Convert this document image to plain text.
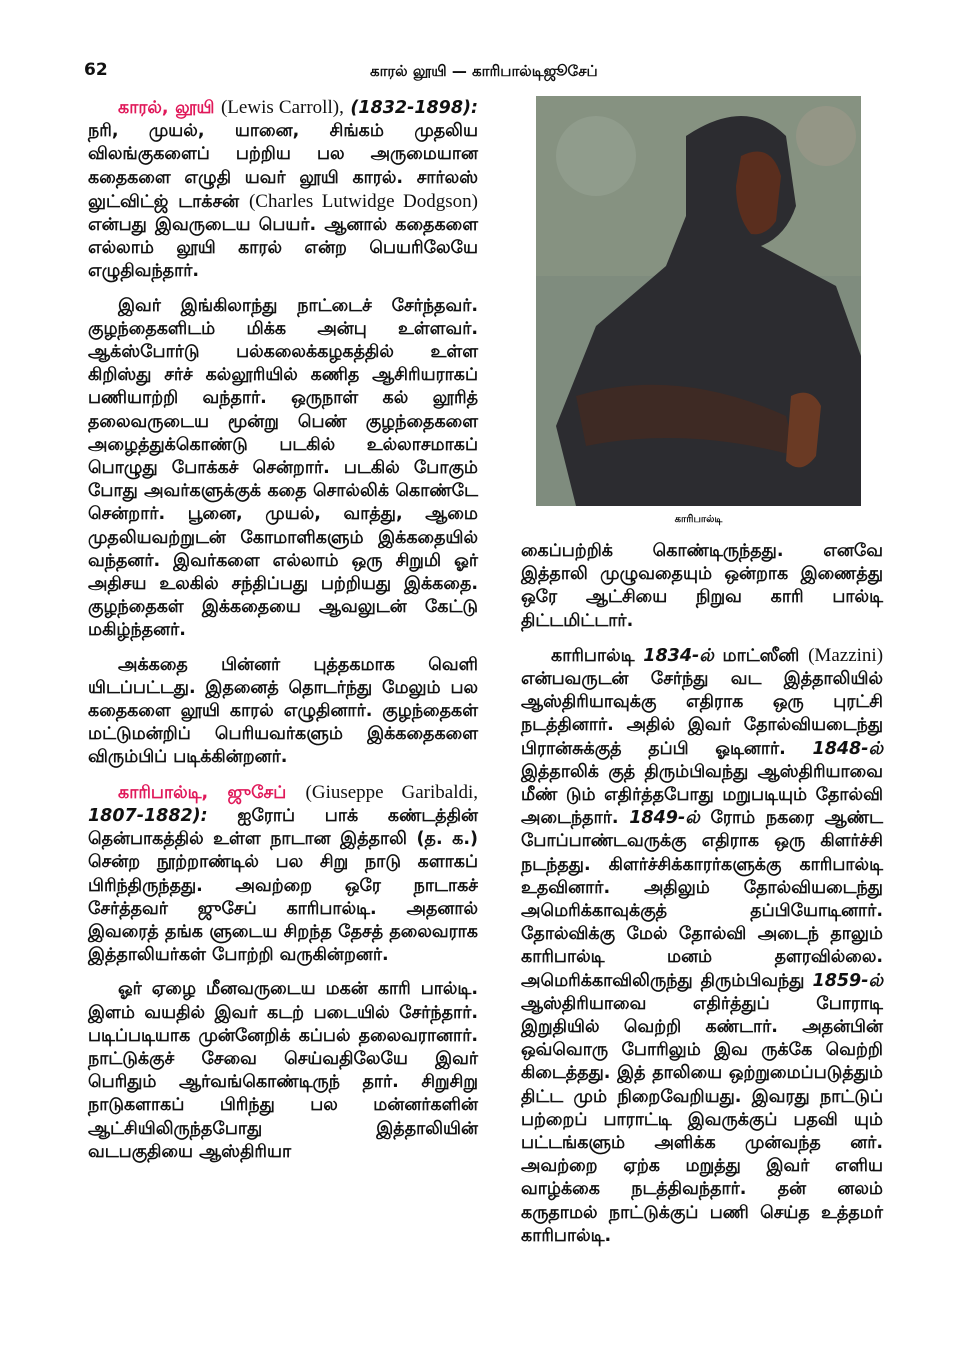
62	காரல் லூயி — காரிபால்டிஜூசேப்

காரல், லூயி (Lewis Carroll), (1832-1898): நரி, முயல், யானை, சிங்கம் முதலிய விலங்குகளைப் பற்றிய பல அருமையான கதைகளை எழுதி யவர் லூயி காரல். சார்லஸ் லுட்விட்ஜ் டாக்சன் (Charles Lutwidge Dodgson) என்பது இவருடைய பெயர். ஆனால் கதைகளை எல்லாம் லூயி காரல் என்ற பெயரிலேயே எழுதிவந்தார்.

இவர் இங்கிலாந்து நாட்டைச் சேர்ந்தவர். குழந்தைகளிடம் மிக்க அன்பு உள்ளவர். ஆக்ஸ்போர்டு பல்கலைக்கழகத்தில் உள்ள கிறிஸ்து சர்ச் கல்லூரியில் கணித ஆசிரியராகப் பணியாற்றி வந்தார். ஒருநாள் கல் லூரித் தலைவருடைய மூன்று பெண் குழந்தைகளை அழைத்துக்கொண்டு படகில் உல்லாசமாகப் பொழுது போக்கச் சென்றார். படகில் போகும் போது அவர்களுக்குக் கதை சொல்லிக் கொண்டே சென்றார். பூனை, முயல், வாத்து, ஆமை முதலியவற்றுடன் கோமாளிகளும் இக்கதையில் வந்தனர். இவர்களை எல்லாம் ஒரு சிறுமி ஓர் அதிசய உலகில் சந்திப்பது பற்றியது இக்கதை. குழந்தைகள் இக்கதையை ஆவலுடன் கேட்டு மகிழ்ந்தனர்.

அக்கதை பின்னர் புத்தகமாக வெளி யிடப்பட்டது. இதனைத் தொடர்ந்து மேலும் பல கதைகளை லூயி காரல் எழுதினார். குழந்தைகள் மட்டுமன்றிப் பெரியவர்களும் இக்கதைகளை விரும்பிப் படிக்கின்றனர்.

காரிபால்டி, ஜுசேப் (Giuseppe Garibaldi, 1807-1882): ஐரோப் பாக் கண்டத்தின் தென்பாகத்தில் உள்ள நாடான இத்தாலி (த. க.) சென்ற நூற்றாண்டில் பல சிறு நாடு களாகப் பிரிந்திருந்தது. அவற்றை ஒரே நாடாகச் சேர்த்தவர் ஜுசேப் காரிபால்டி. அதனால் இவரைத் தங்க ளுடைய சிறந்த தேசத் தலைவராக இத்தாலியர்கள் போற்றி வருகின்றனர்.

ஓர் ஏழை மீனவருடைய மகன் காரி பால்டி. இளம் வயதில் இவர் கடற் படையில் சேர்ந்தார். படிப்படியாக முன்னேறிக் கப்பல் தலைவரானார். நாட்டுக்குச் சேவை செய்வதிலேயே இவர் பெரிதும் ஆர்வங்கொண்டிருந் தார். சிறுசிறு நாடுகளாகப் பிரிந்து பல மன்னர்களின் ஆட்சியிலிருந்தபோது இத்தாலியின் வடபகுதியை ஆஸ்திரியா

காரிபால்டி

கைப்பற்றிக் கொண்டிருந்தது. எனவே இத்தாலி முழுவதையும் ஒன்றாக இணைத்து ஒரே ஆட்சியை நிறுவ காரி பால்டி திட்டமிட்டார்.

காரிபால்டி 1834-ல் மாட்ஸீனி (Mazzini) என்பவருடன் சேர்ந்து வட இத்தாலியில் ஆஸ்திரியாவுக்கு எதிராக ஒரு புரட்சி நடத்தினார். அதில் இவர் தோல்வியடைந்து பிரான்சுக்குத் தப்பி ஓடினார். 1848-ல் இத்தாலிக் குத் திரும்பிவந்து ஆஸ்திரியாவை மீண் டும் எதிர்த்தபோது மறுபடியும் தோல்வி அடைந்தார். 1849-ல் ரோம் நகரை ஆண்ட போப்பாண்டவருக்கு எதிராக ஒரு கிளர்ச்சி நடந்தது. கிளர்ச்சிக்காரர்களுக்கு காரிபால்டி உதவினார். அதிலும் தோல்வியடைந்து அமெரிக்காவுக்குத் தப்பியோடினார். தோல்விக்கு மேல் தோல்வி அடைந் தாலும் காரிபால்டி மனம் தளரவில்லை. அமெரிக்காவிலிருந்து திரும்பிவந்து 1859-ல் ஆஸ்திரியாவை எதிர்த்துப் போராடி இறுதியில் வெற்றி கண்டார். அதன்பின் ஒவ்வொரு போரிலும் இவ ருக்கே வெற்றி கிடைத்தது. இத் தாலியை ஒற்றுமைப்படுத்தும் திட்ட மும் நிறைவேறியது. இவரது நாட்டுப் பற்றைப் பாராட்டி இவருக்குப் பதவி யும் பட்டங்களும் அளிக்க முன்வந்த னர். அவற்றை ஏற்க மறுத்து இவர் எளிய வாழ்க்கை நடத்திவந்தார். தன் னலம் கருதாமல் நாட்டுக்குப் பணி செய்த உத்தமர் காரிபால்டி.
